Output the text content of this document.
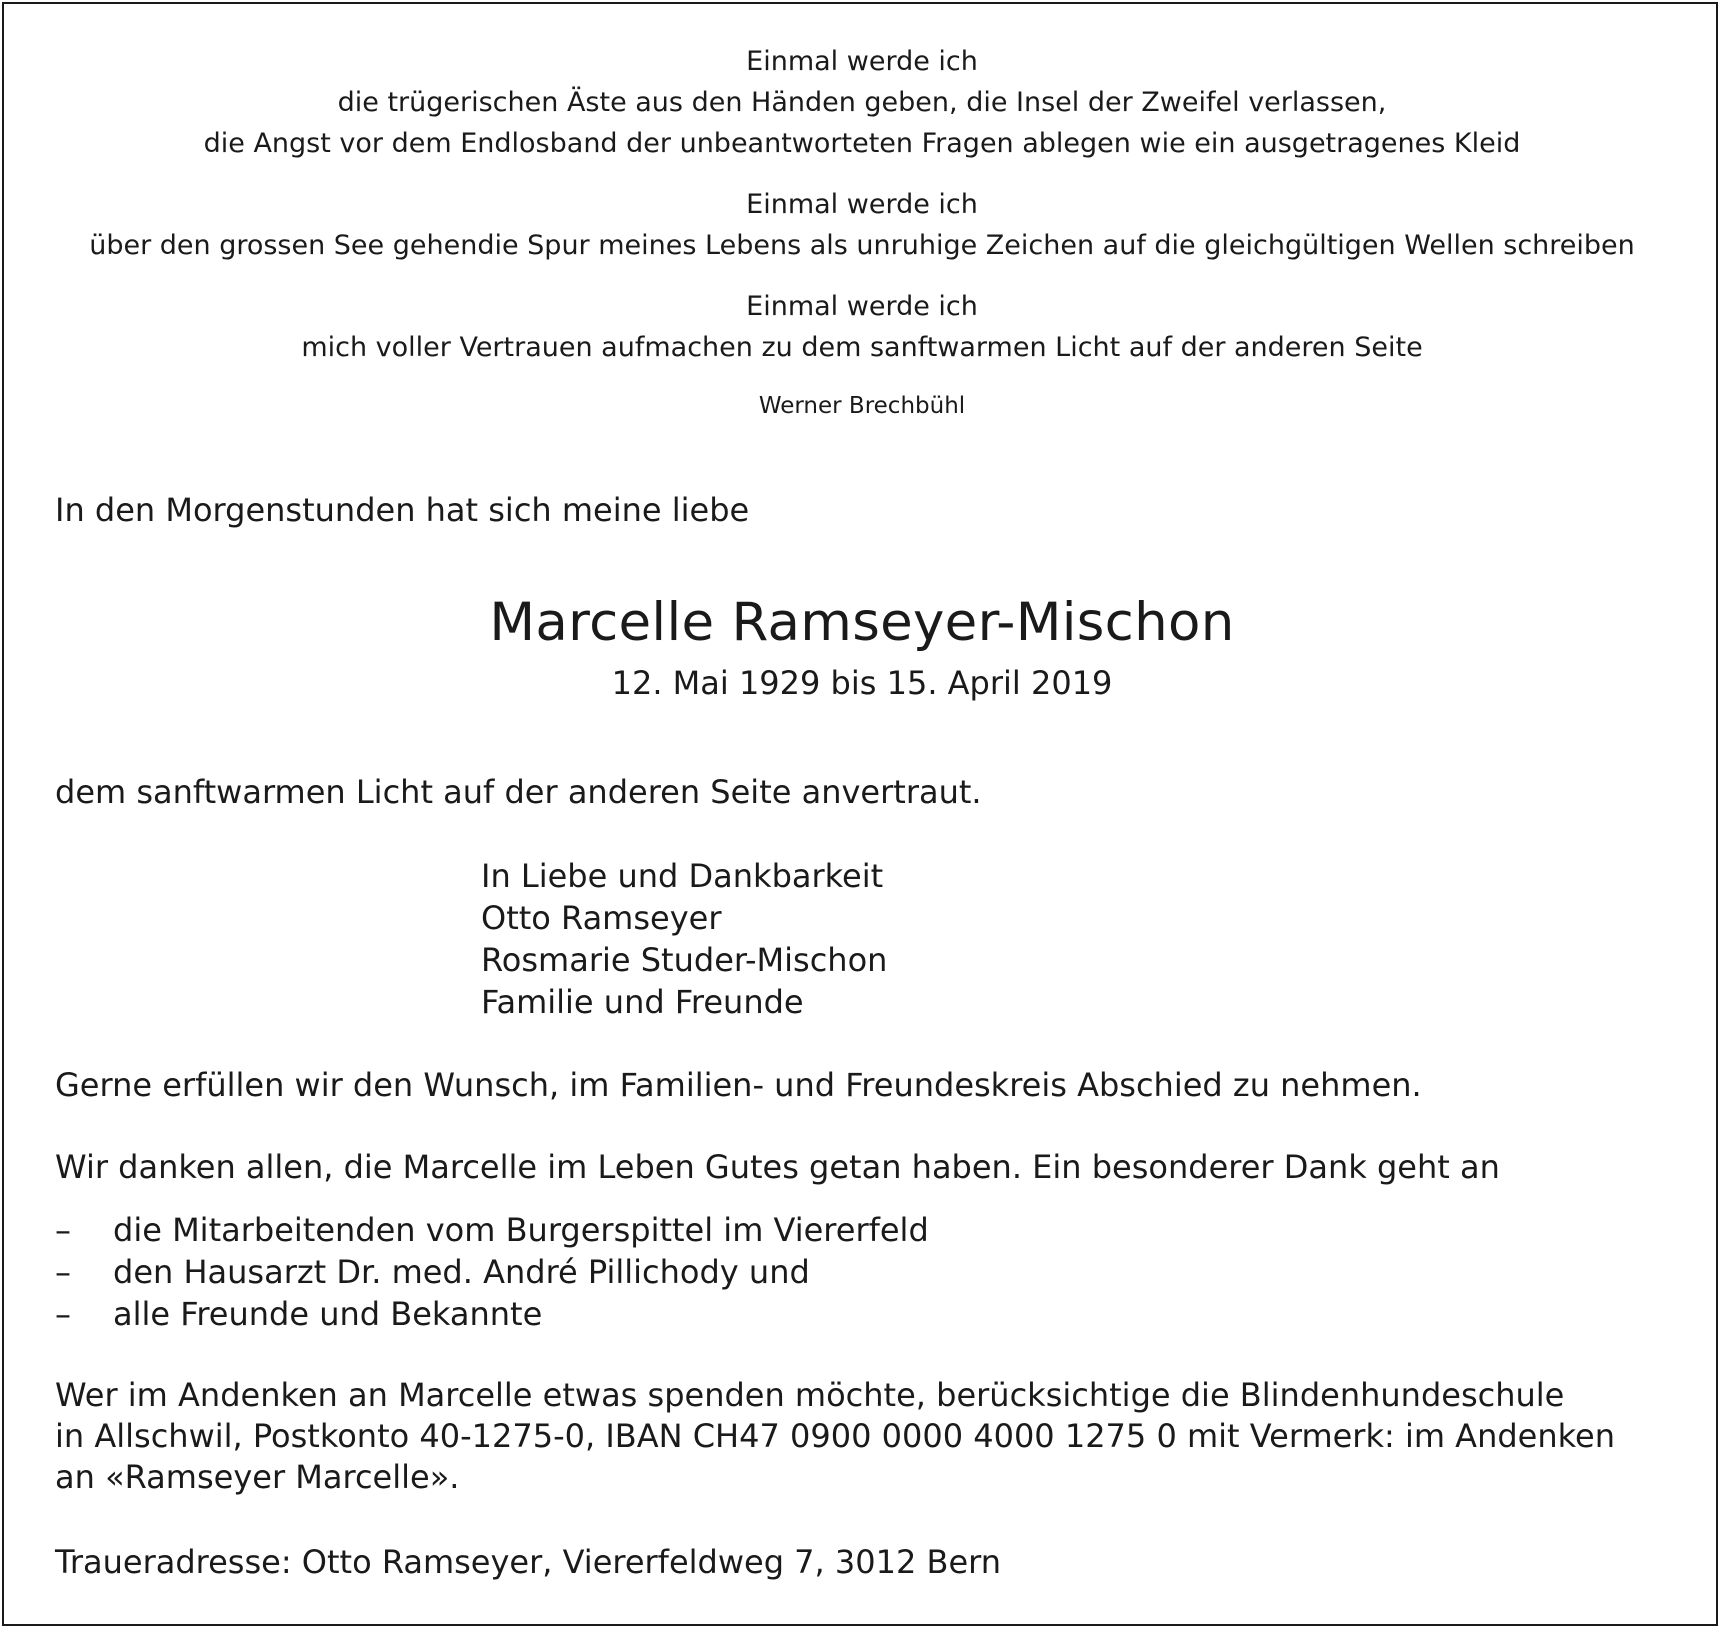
Einmal werde ich
die trügerischen Äste aus den Händen geben, die Insel der Zweifel verlassen,
die Angst vor dem Endlosband der unbeantworteten Fragen ablegen wie ein ausgetragenes Kleid
Einmal werde ich
über den grossen See gehendie Spur meines Lebens als unruhige Zeichen auf die gleichgültigen Wellen schreiben
Einmal werde ich
mich voller Vertrauen aufmachen zu dem sanftwarmen Licht auf der anderen Seite
Werner Brechbühl
In den Morgenstunden hat sich meine liebe
Marcelle Ramseyer-Mischon
12. Mai 1929 bis 15. April 2019
dem sanftwarmen Licht auf der anderen Seite anvertraut.
In Liebe und Dankbarkeit
Otto Ramseyer
Rosmarie Studer-Mischon
Familie und Freunde
Gerne erfüllen wir den Wunsch, im Familien- und Freundeskreis Abschied zu nehmen.
Wir danken allen, die Marcelle im Leben Gutes getan haben. Ein besonderer Dank geht an
–	die Mitarbeitenden vom Burgerspittel im Viererfeld
–	den Hausarzt Dr. med. André Pillichody und
–	alle Freunde und Bekannte
Wer im Andenken an Marcelle etwas spenden möchte, berücksichtige die Blindenhundeschule
in Allschwil, Postkonto 40-1275-0, IBAN CH47 0900 0000 4000 1275 0 mit Vermerk: im Andenken
an «Ramseyer Marcelle».
Traueradresse: Otto Ramseyer, Viererfeldweg 7, 3012 Bern
